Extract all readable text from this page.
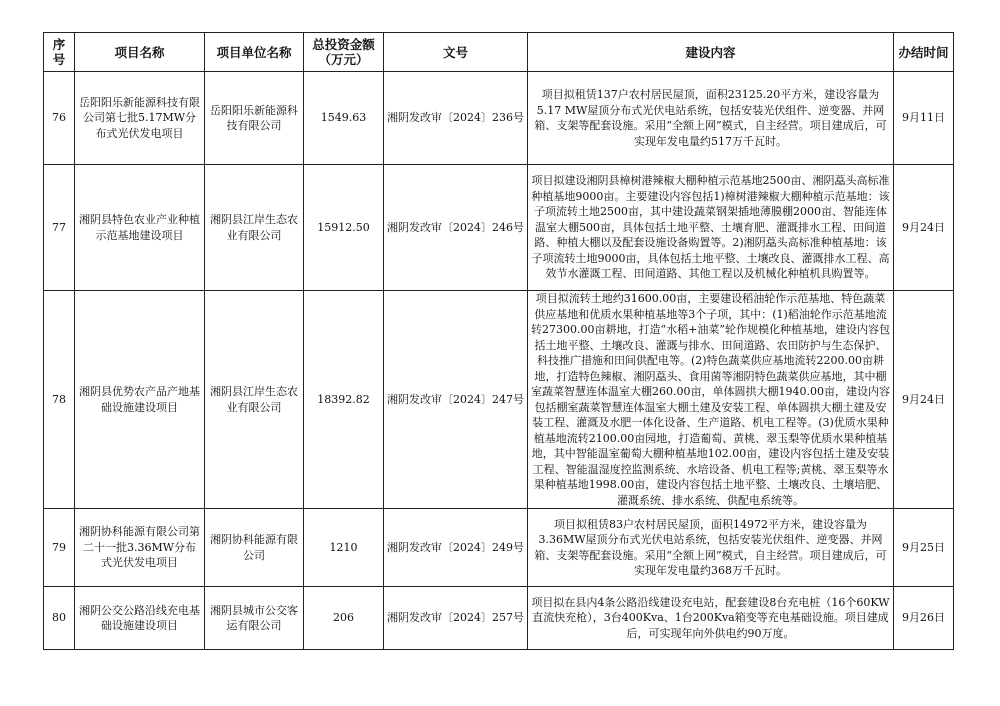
序号	项目名称	项目单位名称	总投资金额（万元）	文号	建设内容	办结时间
76	岳阳阳乐新能源科技有限公司第七批5.17MW分布式光伏发电项目	岳阳阳乐新能源科技有限公司	1549.63	湘阴发改审〔2024〕236号	项目拟租赁137户农村居民屋顶，面积23125.20平方米，建设容量为5.17 MW屋顶分布式光伏电站系统，包括安装光伏组件、逆变器、并网箱、支架等配套设施。采用“全额上网”模式，自主经营。项目建成后，可实现年发电量约517万千瓦时。	9月11日
77	湘阴县特色农业产业种植示范基地建设项目	湘阴县江岸生态农业有限公司	15912.50	湘阴发改审〔2024〕246号	项目拟建设湘阴县樟树港辣椒大棚种植示范基地2500亩、湘阴藠头高标准种植基地9000亩。主要建设内容包括1)樟树港辣椒大棚种植示范基地：该子项流转土地2500亩，其中建设蔬菜钢架插地薄膜棚2000亩、智能连体温室大棚500亩，具体包括土地平整、土壤育肥、灌溉排水工程、田间道路、种植大棚以及配套设施设备购置等。2)湘阴藠头高标准种植基地：该子项流转土地9000亩，具体包括土地平整、土壤改良、灌溉排水工程、高效节水灌溉工程、田间道路、其他工程以及机械化种植机具购置等。	9月24日
78	湘阴县优势农产品产地基础设施建设项目	湘阴县江岸生态农业有限公司	18392.82	湘阴发改审〔2024〕247号	项目拟流转土地约31600.00亩，主要建设稻油轮作示范基地、特色蔬菜供应基地和优质水果种植基地等3个子项，其中：(1)稻油轮作示范基地流转27300.00亩耕地，打造“水稻+油菜”轮作规模化种植基地，建设内容包括土地平整、土壤改良、灌溉与排水、田间道路、农田防护与生态保护、科技推广措施和田间供配电等。(2)特色蔬菜供应基地流转2200.00亩耕地，打造特色辣椒、湘阴藠头、食用菌等湘阴特色蔬菜供应基地，其中棚室蔬菜智慧连体温室大棚260.00亩，单体圆拱大棚1940.00亩，建设内容包括棚室蔬菜智慧连体温室大棚土建及安装工程、单体圆拱大棚土建及安装工程、灌溉及水肥一体化设备、生产道路、机电工程等。(3)优质水果种植基地流转2100.00亩园地，打造葡萄、黄桃、翠玉梨等优质水果种植基地，其中智能温室葡萄大棚种植基地102.00亩，建设内容包括土建及安装工程、智能温湿度控监测系统、水培设备、机电工程等;黄桃、翠玉梨等水果种植基地1998.00亩，建设内容包括土地平整、土壤改良、土壤培肥、灌溉系统、排水系统、供配电系统等。	9月24日
79	湘阴协科能源有限公司第二十一批3.36MW分布式光伏发电项目	湘阴协科能源有限公司	1210	湘阴发改审〔2024〕249号	项目拟租赁83户农村居民屋顶，面积14972平方米，建设容量为3.36MW屋顶分布式光伏电站系统，包括安装光伏组件、逆变器、并网箱、支架等配套设施。采用“全额上网”模式，自主经营。项目建成后，可实现年发电量约368万千瓦时。	9月25日
80	湘阴公交公路沿线充电基础设施建设项目	湘阴县城市公交客运有限公司	206	湘阴发改审〔2024〕257号	项目拟在县内4条公路沿线建设充电站，配套建设8台充电桩（16个60KW直流快充枪），3台400Kva、1台200Kva箱变等充电基础设施。项目建成后，可实现年向外供电约90万度。	9月26日
